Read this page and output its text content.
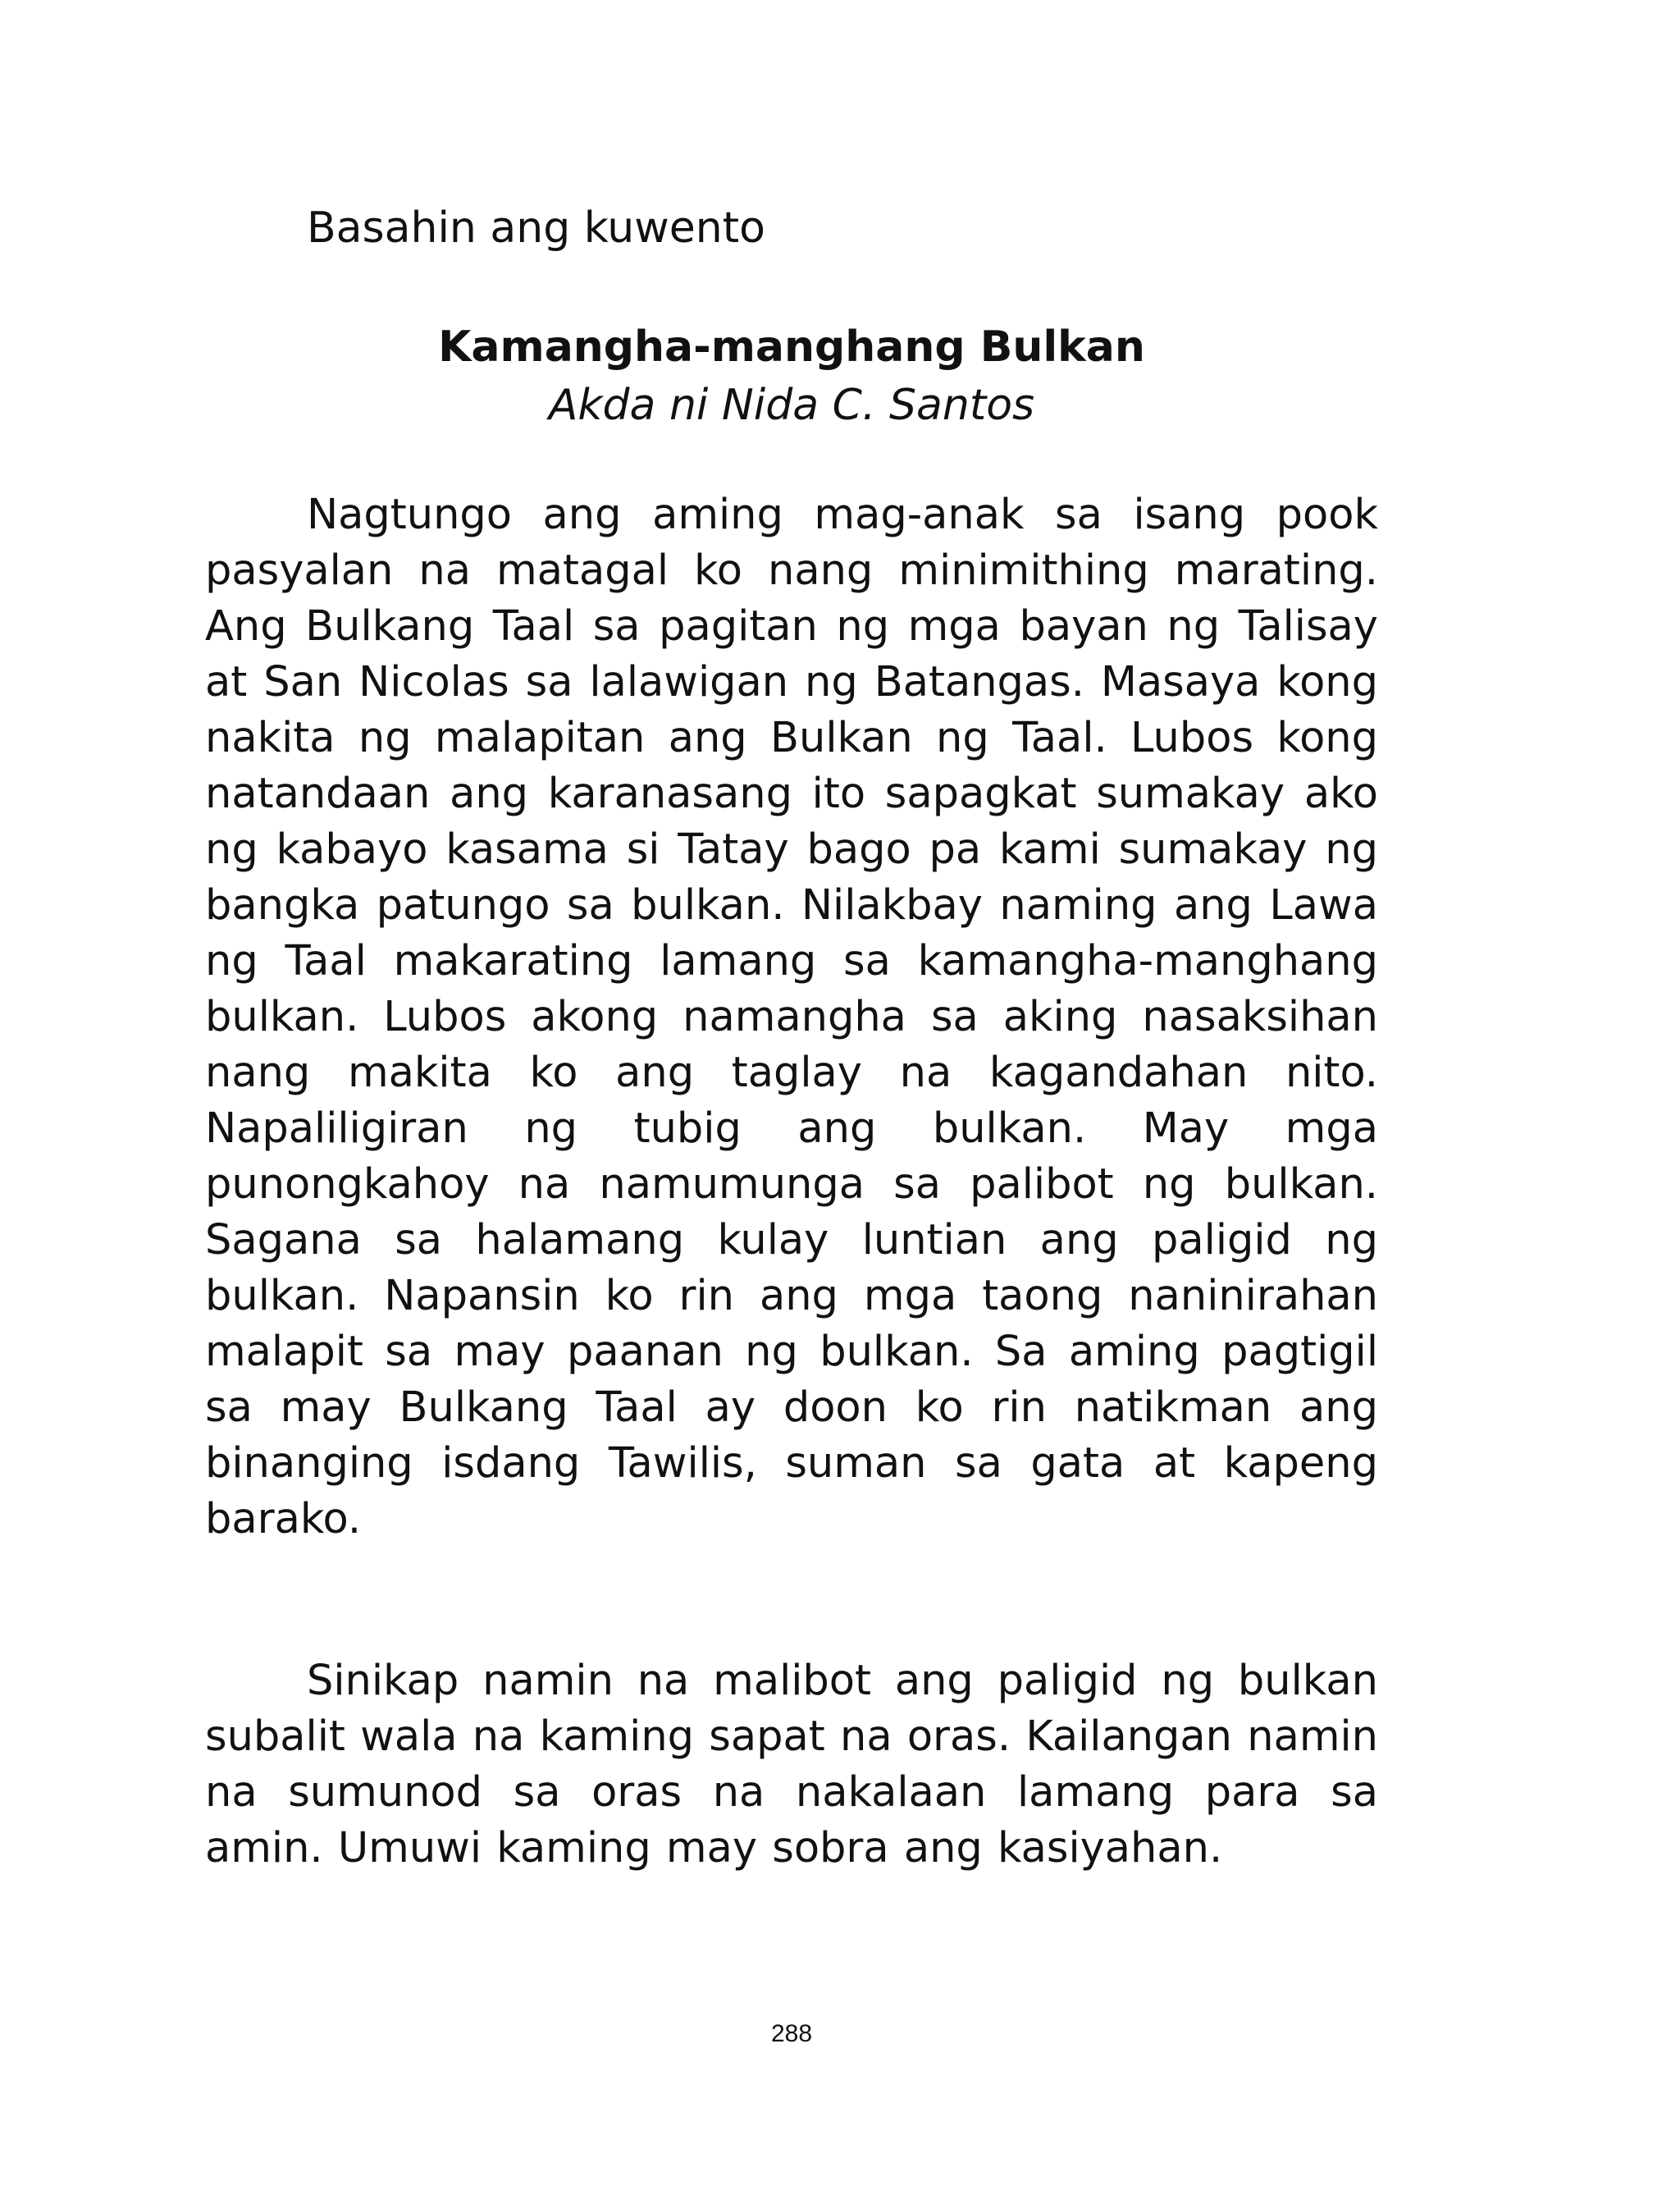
Basahin ang kuwento

Kamangha-manghang Bulkan

Akda ni Nida C. Santos

Nagtungo ang aming mag-anak sa isang pook pasyalan na matagal ko nang minimithing marating. Ang Bulkang Taal sa pagitan ng mga bayan ng Talisay at San Nicolas sa lalawigan ng Batangas. Masaya kong nakita ng malapitan ang Bulkan ng Taal. Lubos kong natandaan ang karanasang ito sapagkat sumakay ako ng kabayo kasama si Tatay bago pa kami sumakay ng bangka patungo sa bulkan. Nilakbay naming ang Lawa ng Taal makarating lamang sa kamangha-manghang bulkan. Lubos akong namangha sa aking nasaksihan nang makita ko ang taglay na kagandahan nito. Napaliligiran ng tubig ang bulkan. May mga punongkahoy na namumunga sa palibot ng bulkan. Sagana sa halamang kulay luntian ang paligid ng bulkan. Napansin ko rin ang mga taong naninirahan malapit sa may paanan ng bulkan. Sa aming pagtigil sa may Bulkang Taal ay doon ko rin natikman ang binanging isdang Tawilis, suman sa gata at kapeng barako.

Sinikap namin na malibot ang paligid ng bulkan subalit wala na kaming sapat na oras. Kailangan namin na sumunod sa oras na nakalaan lamang para sa amin. Umuwi kaming may sobra ang kasiyahan.

288
